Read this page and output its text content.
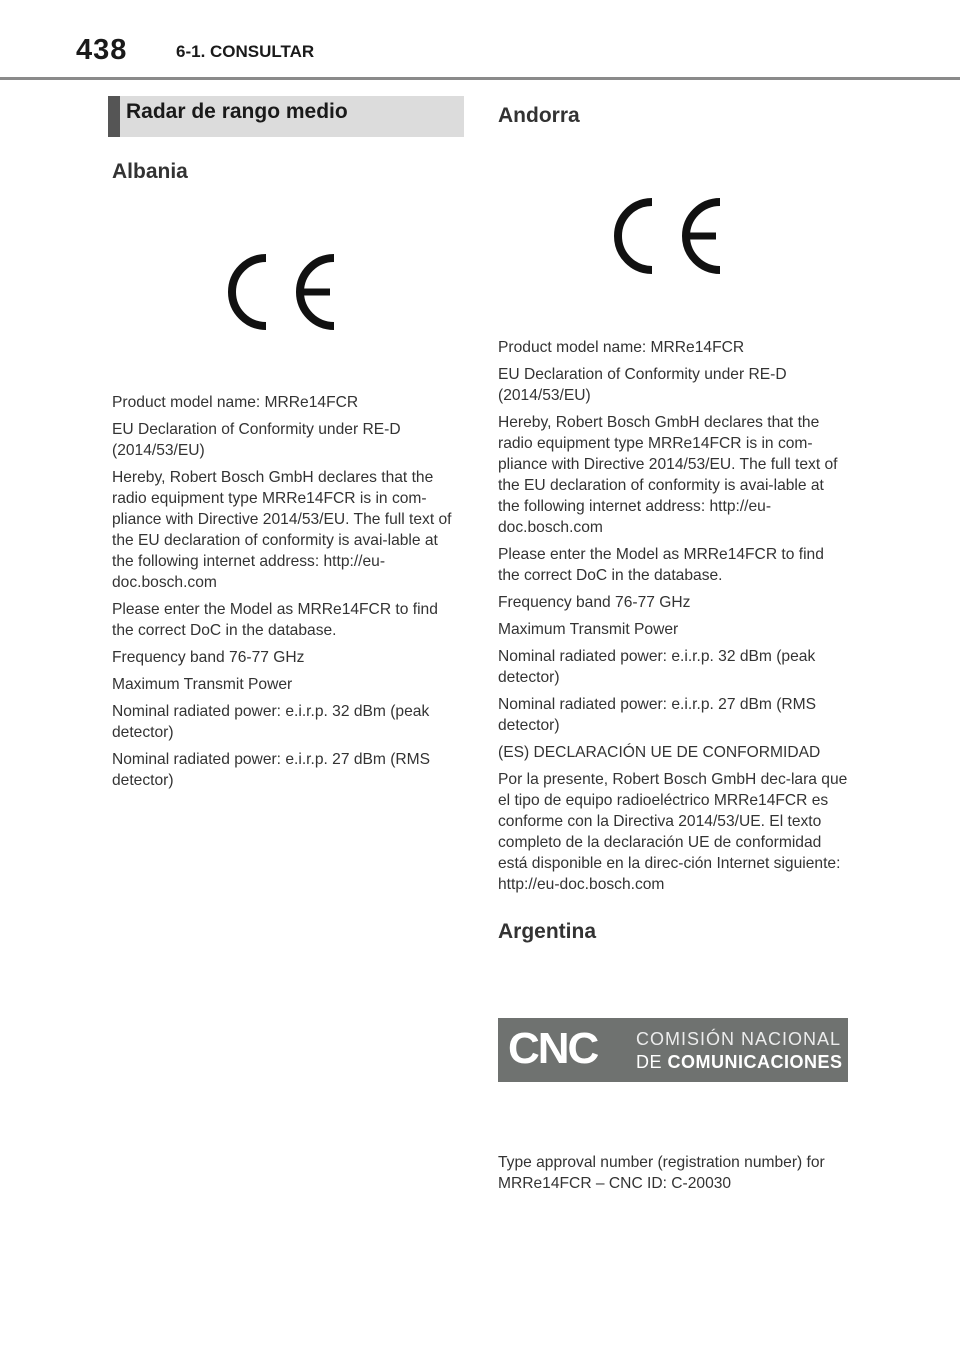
438	6-1. CONSULTAR
Radar de rango medio
Albania

Product model name: MRRe14FCR

EU Declaration of Conformity under RE-D (2014/53/EU)

Hereby, Robert Bosch GmbH declares that the radio equipment type MRRe14FCR is in com-pliance with Directive 2014/53/EU. The full text of the EU declaration of conformity is avai-lable at the following internet address: http://eu-doc.bosch.com

Please enter the Model as MRRe14FCR to find the correct DoC in the database.

Frequency band 76-77 GHz

Maximum Transmit Power

Nominal radiated power: e.i.r.p. 32 dBm (peak detector)

Nominal radiated power: e.i.r.p. 27 dBm (RMS detector)

Andorra

Product model name: MRRe14FCR

EU Declaration of Conformity under RE-D (2014/53/EU)

Hereby, Robert Bosch GmbH declares that the radio equipment type MRRe14FCR is in com-pliance with Directive 2014/53/EU. The full text of the EU declaration of conformity is avai-lable at the following internet address: http://eu-doc.bosch.com

Please enter the Model as MRRe14FCR to find the correct DoC in the database.

Frequency band 76-77 GHz

Maximum Transmit Power

Nominal radiated power: e.i.r.p. 32 dBm (peak detector)

Nominal radiated power: e.i.r.p. 27 dBm (RMS detector)

(ES) DECLARACIÓN UE DE CONFORMIDAD

Por la presente, Robert Bosch GmbH dec-lara que el tipo de equipo radioeléctrico MRRe14FCR es conforme con la Directiva 2014/53/UE. El texto completo de la declaración UE de conformidad está disponible en la direc-ción Internet siguiente: http://eu-doc.bosch.com

Argentina
CNC COMISIÓN NACIONAL
DE COMUNICACIONES

Type approval number (registration number) for MRRe14FCR – CNC ID: C-20030
